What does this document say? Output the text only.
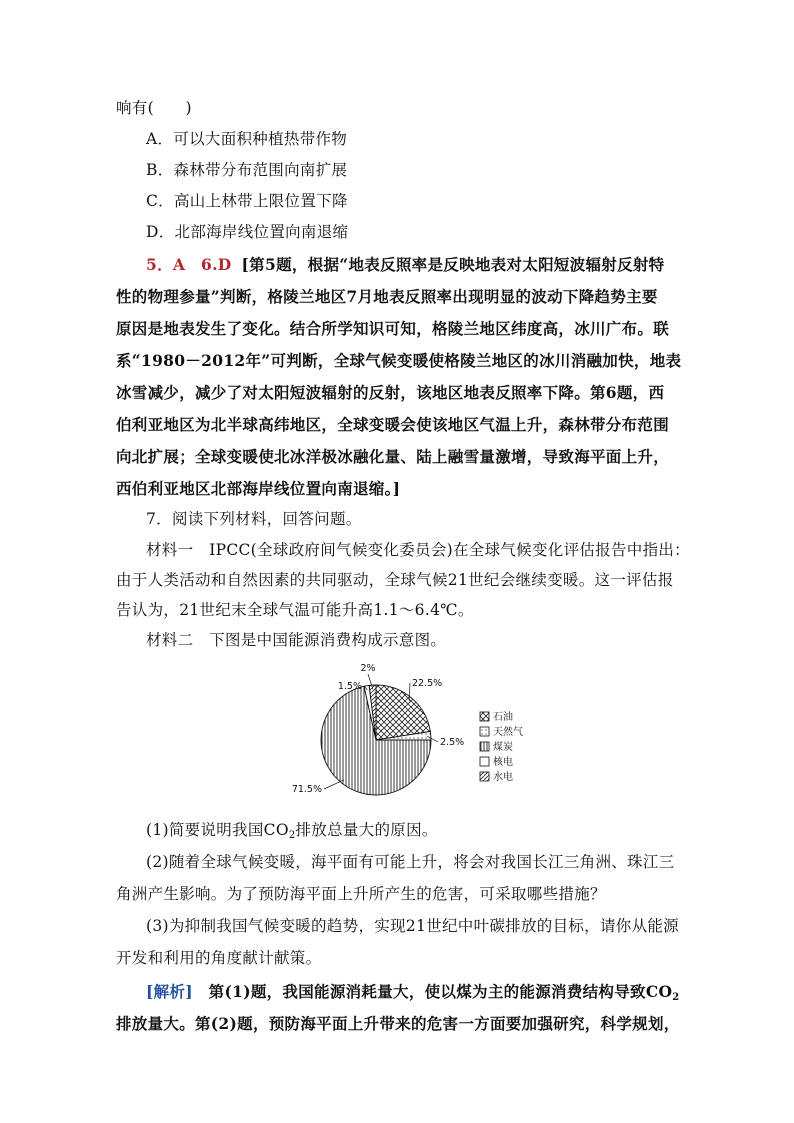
响有(　　)
A．可以大面积种植热带作物
B．森林带分布范围向南扩展
C．高山上林带上限位置下降
D．北部海岸线位置向南退缩
5．A　6.D [第5题，根据“地表反照率是反映地表对太阳短波辐射反射特
性的物理参量”判断，格陵兰地区7月地表反照率出现明显的波动下降趋势主要
原因是地表发生了变化。结合所学知识可知，格陵兰地区纬度高，冰川广布。联
系“1980－2012年”可判断，全球气候变暖使格陵兰地区的冰川消融加快，地表
冰雪减少，减少了对太阳短波辐射的反射，该地区地表反照率下降。第6题，西
伯利亚地区为北半球高纬地区，全球变暖会使该地区气温上升，森林带分布范围
向北扩展；全球变暖使北冰洋极冰融化量、陆上融雪量激增，导致海平面上升，
西伯利亚地区北部海岸线位置向南退缩。]
7．阅读下列材料，回答问题。
材料一　IPCC(全球政府间气候变化委员会)在全球气候变化评估报告中指出：
由于人类活动和自然因素的共同驱动，全球气候21世纪会继续变暖。这一评估报
告认为，21世纪末全球气温可能升高1.1～6.4℃。
材料二　下图是中国能源消费构成示意图。
22.5%
2.5%
71.5%
1.5%
2%
石油
天然气
煤炭
核电
水电
(1)简要说明我国$CO_2$排放总量大的原因。
(2)随着全球气候变暖，海平面有可能上升，将会对我国长江三角洲、珠江三
角洲产生影响。为了预防海平面上升所产生的危害，可采取哪些措施？
(3)为抑制我国气候变暖的趋势，实现21世纪中叶碳排放的目标，请你从能源
开发和利用的角度献计献策。
[解析]　第(1)题，我国能源消耗量大，使以煤为主的能源消费结构导致$CO_2$
排放量大。第(2)题，预防海平面上升带来的危害一方面要加强研究，科学规划，
